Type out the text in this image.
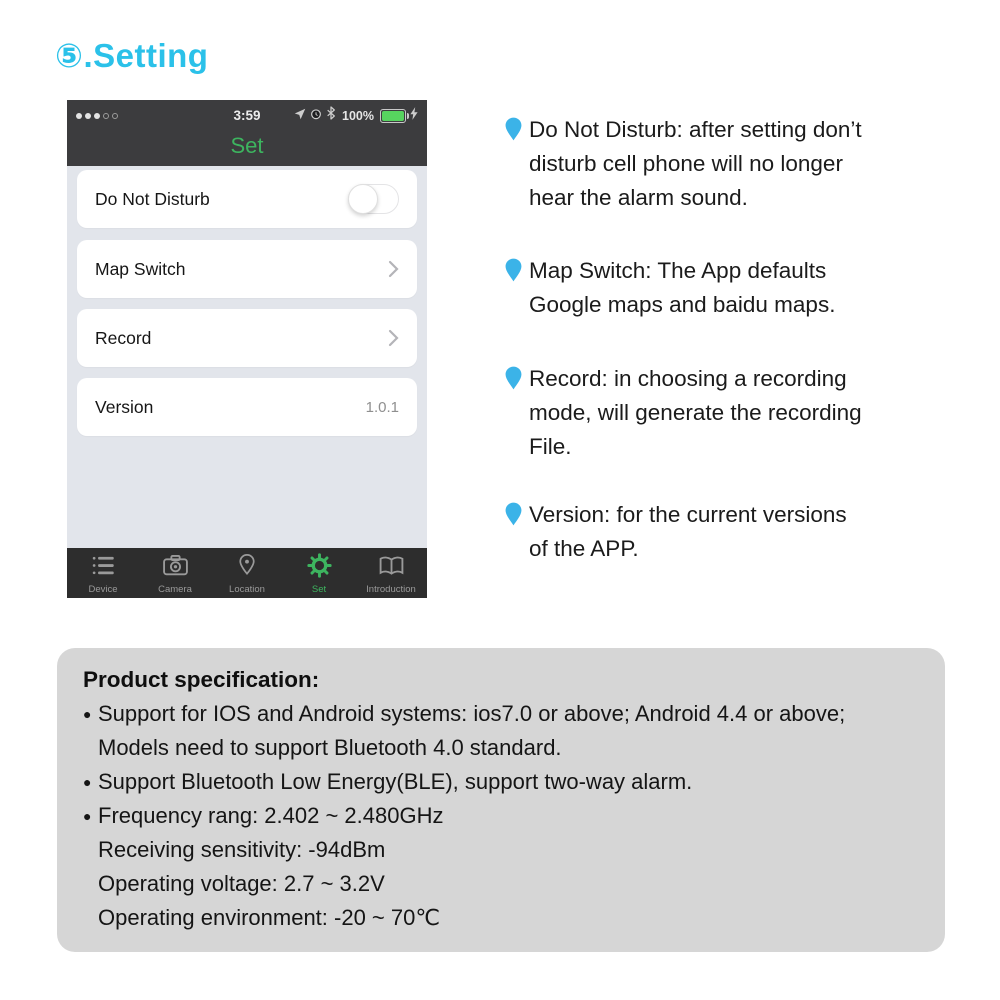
⑤.Setting
3:59	100%
Set
Do Not Disturb
Map Switch
Record
Version	1.0.1
Device	Camera	Location	Set	Introduction
Do Not Disturb: after setting don’t
disturb cell phone will no longer
hear the alarm sound.
Map Switch: The App defaults
Google maps and baidu maps.
Record: in choosing a recording
mode, will generate the recording
File.
Version: for the current versions
of the APP.
Product specification:
● Support for IOS and Android systems: ios7.0 or above; Android 4.4 or above;
Models need to support Bluetooth 4.0 standard.
● Support Bluetooth Low Energy(BLE), support two-way alarm.
● Frequency rang: 2.402 ~ 2.480GHz
Receiving sensitivity: -94dBm
Operating voltage: 2.7 ~ 3.2V
Operating environment: -20 ~ 70℃
